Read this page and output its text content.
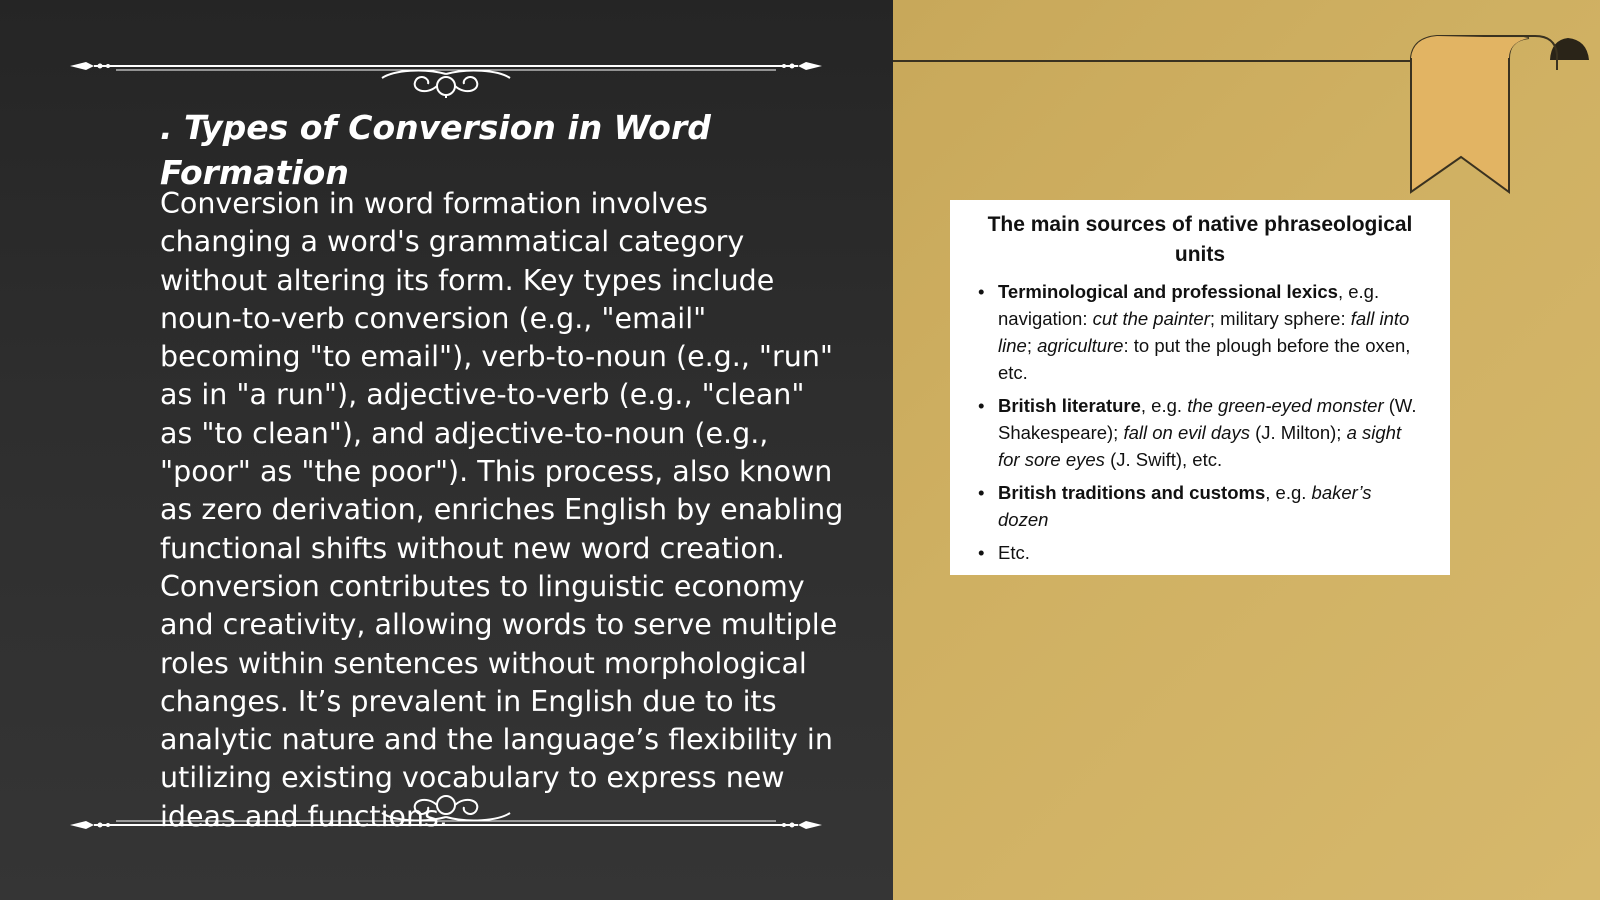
. Types of Conversion in Word Formation

Conversion in word formation involves changing a word's grammatical category without altering its form. Key types include noun-to-verb conversion (e.g., "email" becoming "to email"), verb-to-noun (e.g., "run" as in "a run"), adjective-to-verb (e.g., "clean" as "to clean"), and adjective-to-noun (e.g., "poor" as "the poor"). This process, also known as zero derivation, enriches English by enabling functional shifts without new word creation. Conversion contributes to linguistic economy and creativity, allowing words to serve multiple roles within sentences without morphological changes. It’s prevalent in English due to its analytic nature and the language’s flexibility in utilizing existing vocabulary to express new ideas and functions.

The main sources of native phraseological units
• Terminological and professional lexics, e.g. navigation: cut the painter; military sphere: fall into line; agriculture: to put the plough before the oxen, etc.
• British literature, e.g. the green-eyed monster (W. Shakespeare); fall on evil days (J. Milton); a sight for sore eyes (J. Swift), etc.
• British traditions and customs, e.g. baker’s dozen
• Etc.
